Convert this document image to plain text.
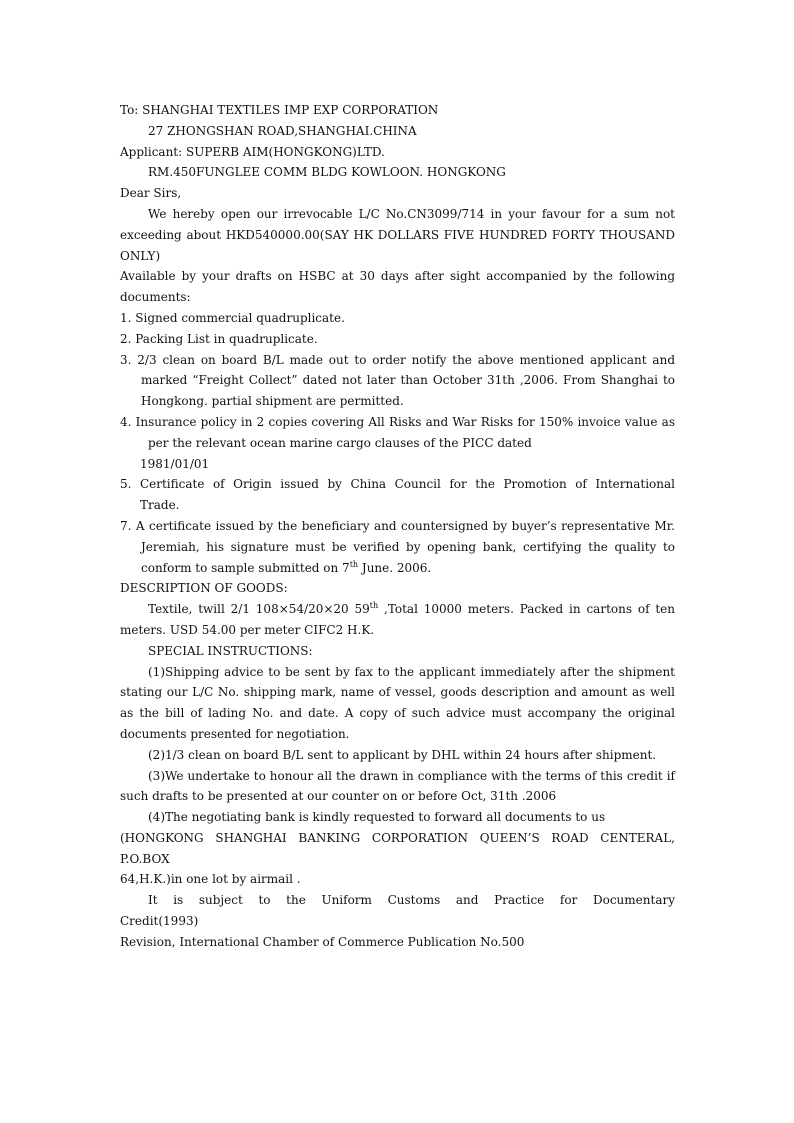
To: SHANGHAI TEXTILES IMP EXP CORPORATION

27 ZHONGSHAN ROAD,SHANGHAI.CHINA

Applicant: SUPERB AIM(HONGKONG)LTD.

RM.450FUNGLEE COMM BLDG KOWLOON. HONGKONG

Dear Sirs,

We hereby open our irrevocable L/C No.CN3099/714 in your favour for a sum not exceeding about HKD540000.00(SAY HK DOLLARS FIVE HUNDRED FORTY THOUSAND ONLY)

Available by your drafts on HSBC at 30 days after sight accompanied by the following documents:

1. Signed commercial quadruplicate.

2. Packing List in quadruplicate.

3. 2/3 clean on board B/L made out to order notify the above mentioned applicant and marked “Freight Collect” dated not later than October 31th ,2006. From Shanghai to Hongkong. partial shipment are permitted.

4. Insurance policy in 2 copies covering All Risks and War Risks for 150% invoice value as per the relevant ocean marine cargo clauses of the PICC dated

1981/01/01

5. Certificate of Origin issued by China Council for the Promotion of International

Trade.

7. A certificate issued by the beneficiary and countersigned by buyer’s representative Mr. Jeremiah, his signature must be verified by opening bank, certifying the quality to conform to sample submitted on 7th June. 2006.

DESCRIPTION OF GOODS:

Textile, twill 2/1 108×54/20×20 59th ,Total 10000 meters. Packed in cartons of ten meters. USD 54.00 per meter CIFC2 H.K.

SPECIAL INSTRUCTIONS:

(1)Shipping advice to be sent by fax to the applicant immediately after the shipment stating our L/C No. shipping mark, name of vessel, goods description and amount as well as the bill of lading No. and date. A copy of such advice must accompany the original documents presented for negotiation.

(2)1/3 clean on board B/L sent to applicant by DHL within 24 hours after shipment.

(3)We undertake to honour all the drawn in compliance with the terms of this credit if such drafts to be presented at our counter on or before Oct, 31th .2006

(4)The negotiating bank is kindly requested to forward all documents to us

(HONGKONG SHANGHAI BANKING CORPORATION QUEEN’S ROAD CENTERAL, P.O.BOX

64,H.K.)in one lot by airmail .

It is subject to the Uniform Customs and Practice for Documentary

Credit(1993)

Revision, International Chamber of Commerce Publication No.500
